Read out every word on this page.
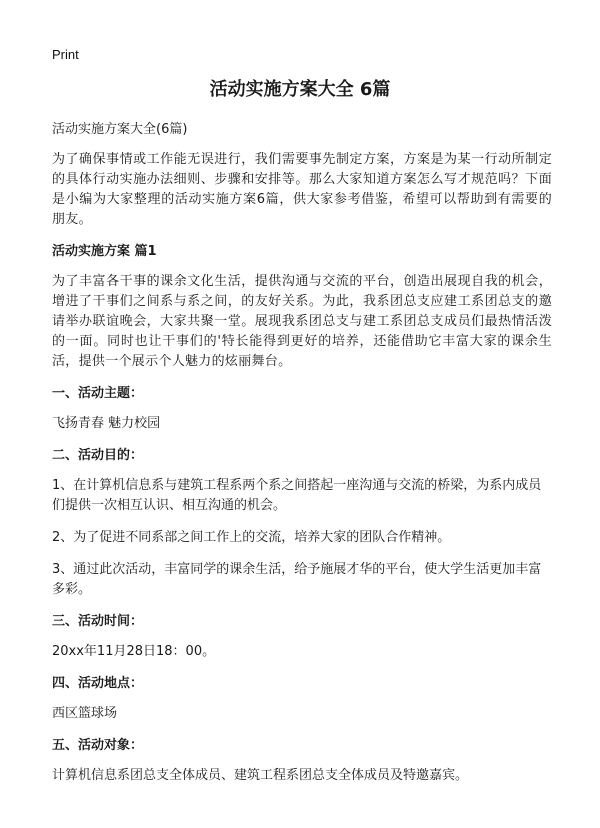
Print
活动实施方案大全 6篇
活动实施方案大全(6篇)

为了确保事情或工作能无误进行，我们需要事先制定方案，方案是为某一行动所制定的具体行动实施办法细则、步骤和安排等。那么大家知道方案怎么写才规范吗？下面是小编为大家整理的活动实施方案6篇，供大家参考借鉴，希望可以帮助到有需要的朋友。

活动实施方案 篇1

为了丰富各干事的课余文化生活，提供沟通与交流的平台，创造出展现自我的机会，增进了干事们之间系与系之间，的友好关系。为此，我系团总支应建工系团总支的邀请举办联谊晚会，大家共聚一堂。展现我系团总支与建工系团总支成员们最热情活泼的一面。同时也让干事们的'特长能得到更好的培养，还能借助它丰富大家的课余生活，提供一个展示个人魅力的炫丽舞台。

一、活动主题：
飞扬青春 魅力校园
二、活动目的：
1、在计算机信息系与建筑工程系两个系之间搭起一座沟通与交流的桥梁，为系内成员们提供一次相互认识、相互沟通的机会。
2、为了促进不同系部之间工作上的交流，培养大家的团队合作精神。
3、通过此次活动，丰富同学的课余生活，给予施展才华的平台，使大学生活更加丰富多彩。
三、活动时间：
20xx年11月28日18：00。
四、活动地点：
西区篮球场
五、活动对象：
计算机信息系团总支全体成员、建筑工程系团总支全体成员及特邀嘉宾。
